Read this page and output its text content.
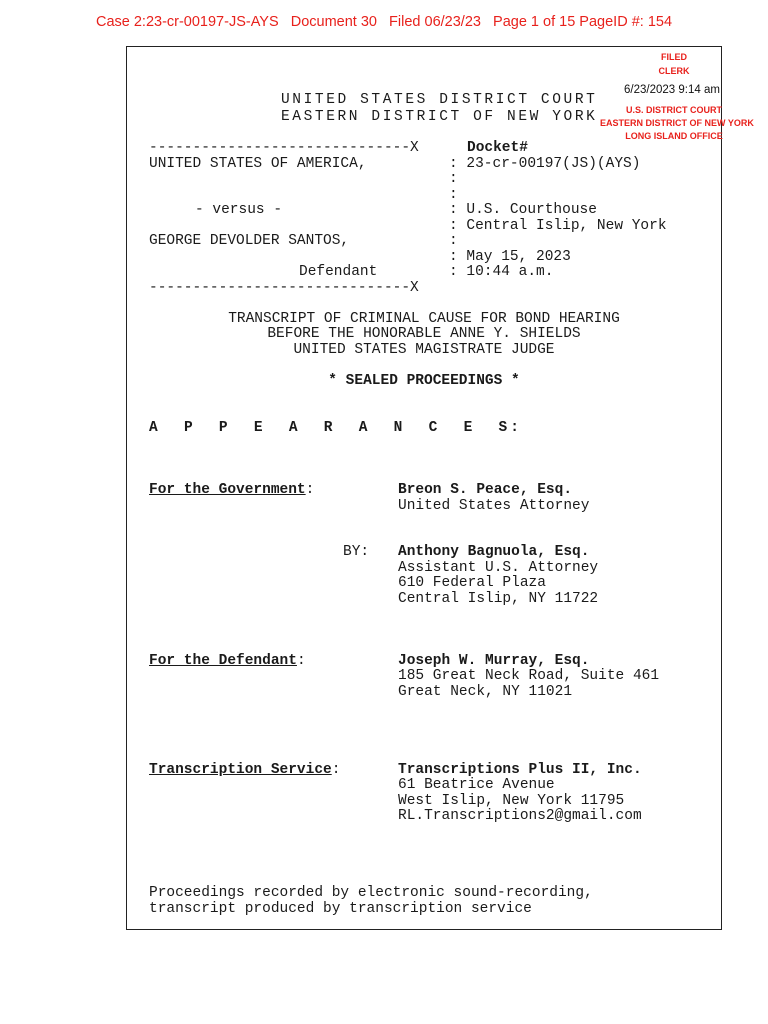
Case 2:23-cr-00197-JS-AYS   Document 30   Filed 06/23/23   Page 1 of 15 PageID #: 154
FILED
CLERK
6/23/2023 9:14 am
U.S. DISTRICT COURT
EASTERN DISTRICT OF NEW YORK
LONG ISLAND OFFICE
UNITED STATES DISTRICT COURT
EASTERN DISTRICT OF NEW YORK
------------------------------X	Docket#
UNITED STATES OF AMERICA,	: 23-cr-00197(JS)(AYS)
:
:
- versus -	: U.S. Courthouse
: Central Islip, New York
GEORGE DEVOLDER SANTOS,	:
: May 15, 2023
Defendant	: 10:44 a.m.
------------------------------X
TRANSCRIPT OF CRIMINAL CAUSE FOR BOND HEARING
BEFORE THE HONORABLE ANNE Y. SHIELDS
UNITED STATES MAGISTRATE JUDGE
* SEALED PROCEEDINGS *
A  P  P  E  A  R  A  N  C  E  S:
For the Government:	Breon S. Peace, Esq.
United States Attorney
BY: Anthony Bagnuola, Esq.
Assistant U.S. Attorney
610 Federal Plaza
Central Islip, NY 11722
For the Defendant:	Joseph W. Murray, Esq.
185 Great Neck Road, Suite 461
Great Neck, NY 11021
Transcription Service:	Transcriptions Plus II, Inc.
61 Beatrice Avenue
West Islip, New York 11795
RL.Transcriptions2@gmail.com
Proceedings recorded by electronic sound-recording,
transcript produced by transcription service
